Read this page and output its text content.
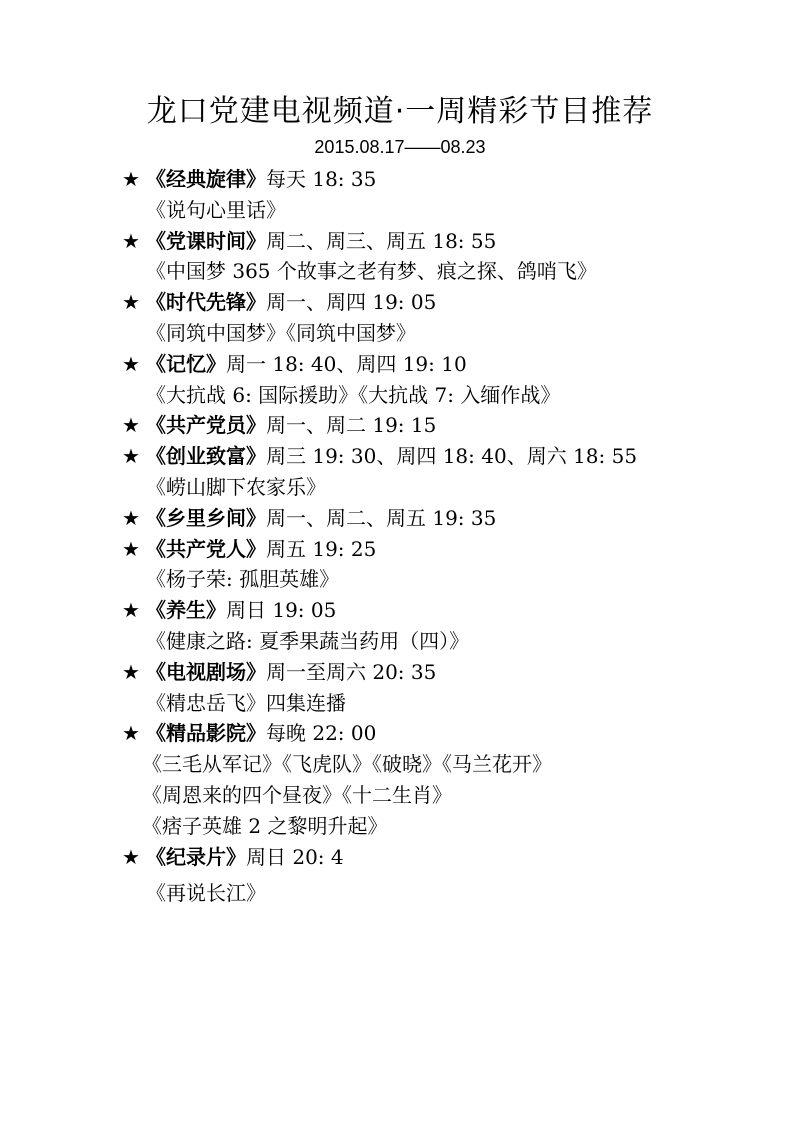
龙口党建电视频道·一周精彩节目推荐
2015.08.17——08.23
★ 《经典旋律》每天 18: 35
《说句心里话》
★ 《党课时间》周二、周三、周五 18: 55
《中国梦 365 个故事之老有梦、痕之探、鸽哨飞》
★ 《时代先锋》周一、周四 19: 05
《同筑中国梦》《同筑中国梦》
★ 《记忆》周一 18: 40、周四 19: 10
《大抗战 6: 国际援助》《大抗战 7: 入缅作战》
★ 《共产党员》周一、周二 19: 15
★ 《创业致富》周三 19: 30、周四 18: 40、周六 18: 55
《崂山脚下农家乐》
★ 《乡里乡间》周一、周二、周五 19: 35
★ 《共产党人》周五 19: 25
《杨子荣: 孤胆英雄》
★ 《养生》周日 19: 05
《健康之路: 夏季果蔬当药用（四）》
★ 《电视剧场》周一至周六 20: 35
《精忠岳飞》四集连播
★ 《精品影院》每晚 22: 00
《三毛从军记》《飞虎队》《破晓》《马兰花开》
《周恩来的四个昼夜》《十二生肖》
《痞子英雄 2 之黎明升起》
★ 《纪录片》周日 20: 4
《再说长江》
